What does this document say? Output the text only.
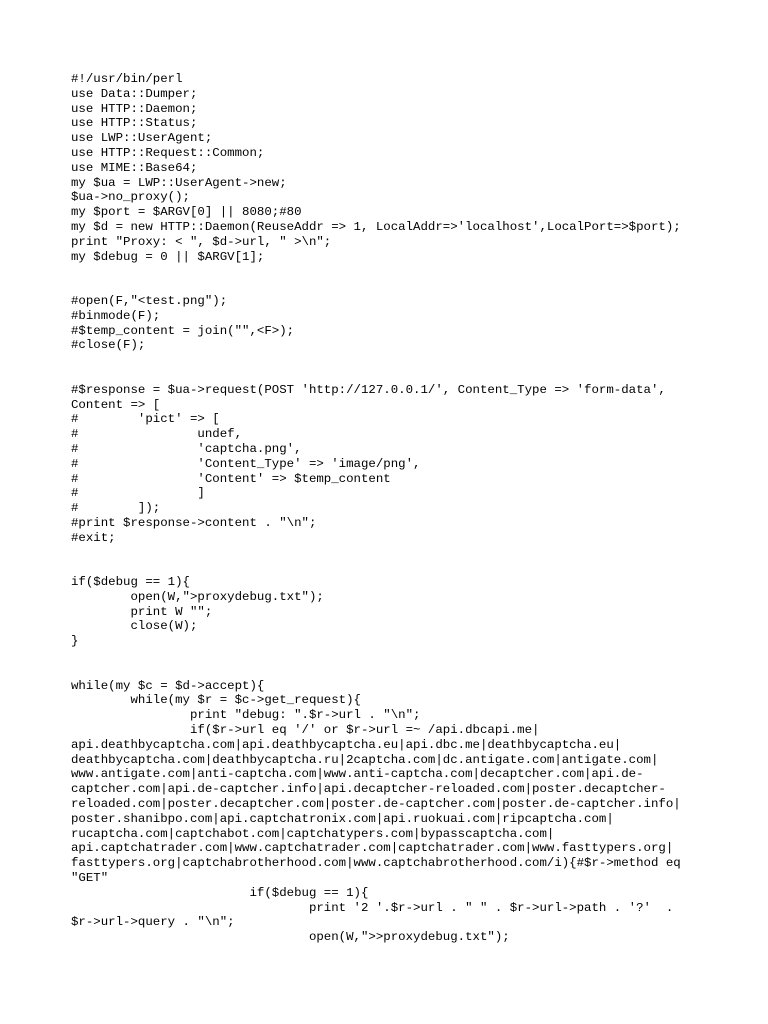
#!/usr/bin/perl
use Data::Dumper;
use HTTP::Daemon;
use HTTP::Status;
use LWP::UserAgent;
use HTTP::Request::Common;
use MIME::Base64;
my $ua = LWP::UserAgent->new;
$ua->no_proxy();
my $port = $ARGV[0] || 8080;#80
my $d = new HTTP::Daemon(ReuseAddr => 1, LocalAddr=>'localhost',LocalPort=>$port);
print "Proxy: < ", $d->url, " >\n";
my $debug = 0 || $ARGV[1];
#open(F,"<test.png");
#binmode(F);
#$temp_content = join("",<F>);
#close(F);
#$response = $ua->request(POST 'http://127.0.0.1/', Content_Type => 'form-data',
Content => [
#        'pict' => [
#                undef,
#                'captcha.png',
#                'Content_Type' => 'image/png',
#                'Content' => $temp_content
#                ]
#        ]);
#print $response->content . "\n";
#exit;
if($debug == 1){
open(W,">proxydebug.txt");
print W "";
close(W);
}
while(my $c = $d->accept){
while(my $r = $c->get_request){
print "debug: ".$r->url . "\n";
if($r->url eq '/' or $r->url =~ /api.dbcapi.me|
api.deathbycaptcha.com|api.deathbycaptcha.eu|api.dbc.me|deathbycaptcha.eu|
deathbycaptcha.com|deathbycaptcha.ru|2captcha.com|dc.antigate.com|antigate.com|
www.antigate.com|anti-captcha.com|www.anti-captcha.com|decaptcher.com|api.de-
captcher.com|api.de-captcher.info|api.decaptcher-reloaded.com|poster.decaptcher-
reloaded.com|poster.decaptcher.com|poster.de-captcher.com|poster.de-captcher.info|
poster.shanibpo.com|api.captchatronix.com|api.ruokuai.com|ripcaptcha.com|
rucaptcha.com|captchabot.com|captchatypers.com|bypasscaptcha.com|
api.captchatrader.com|www.captchatrader.com|captchatrader.com|www.fasttypers.org|
fasttypers.org|captchabrotherhood.com|www.captchabrotherhood.com/i){#$r->method eq
"GET"
if($debug == 1){
print '2 '.$r->url . " " . $r->url->path . '?'  .
$r->url->query . "\n";
open(W,">>proxydebug.txt");
